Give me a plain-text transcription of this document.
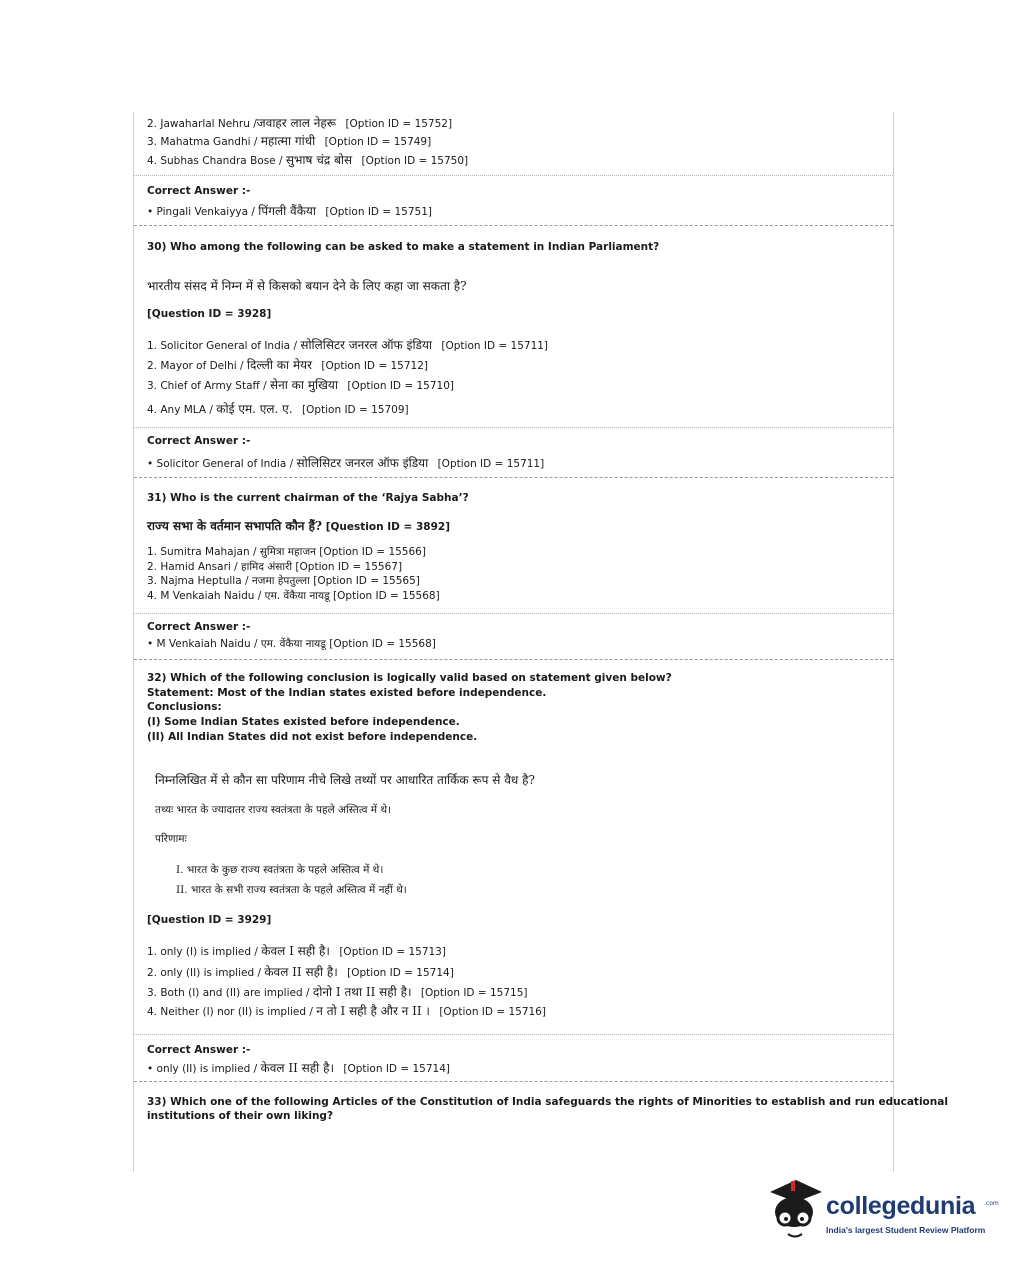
2. Jawaharlal Nehru /जवाहर लाल नेहरू [Option ID = 15752]
3. Mahatma Gandhi / महात्मा गांधी [Option ID = 15749]
4. Subhas Chandra Bose / सुभाष चंद्र बोस [Option ID = 15750]
Correct Answer :-
• Pingali Venkaiyya / पिंगली वैंकैया [Option ID = 15751]
30) Who among the following can be asked to make a statement in Indian Parliament?
भारतीय संसद में निम्न में से किसको बयान देने के लिए कहा जा सकता है?
[Question ID = 3928]
1. Solicitor General of India / सोलिसिटर जनरल ऑफ इंडिया [Option ID = 15711]
2. Mayor of Delhi / दिल्ली का मेयर [Option ID = 15712]
3. Chief of Army Staff / सेना का मुखिया [Option ID = 15710]
4. Any MLA / कोई एम. एल. ए. [Option ID = 15709]
Correct Answer :-
• Solicitor General of India / सोलिसिटर जनरल ऑफ इंडिया [Option ID = 15711]
31) Who is the current chairman of the ‘Rajya Sabha’?
राज्य सभा के वर्तमान सभापति कौन हैं? [Question ID = 3892]
1. Sumitra Mahajan / सुमित्रा महाजन [Option ID = 15566]
2. Hamid Ansari / हामिद अंसारी [Option ID = 15567]
3. Najma Heptulla / नजमा हेपतुल्ला [Option ID = 15565]
4. M Venkaiah Naidu / एम. वेंकैया नायडू [Option ID = 15568]
Correct Answer :-
• M Venkaiah Naidu / एम. वेंकैया नायडू [Option ID = 15568]
32) Which of the following conclusion is logically valid based on statement given below?
Statement: Most of the Indian states existed before independence.
Conclusions:
(I) Some Indian States existed before independence.
(II) All Indian States did not exist before independence.
निम्नलिखित में से कौन सा परिणाम नीचे लिखे तथ्यों पर आधारित तार्किक रूप से वैध है?
तथ्यः भारत के ज्यादातर राज्य स्वतंत्रता के पहले अस्तित्व में थे।
परिणामः
I. भारत के कुछ राज्य स्वतंत्रता के पहले अस्तित्व में थे।
II. भारत के सभी राज्य स्वतंत्रता के पहले अस्तित्व में नहीं थे।
[Question ID = 3929]
1. only (I) is implied / केवल I सही है। [Option ID = 15713]
2. only (II) is implied / केवल II सही है। [Option ID = 15714]
3. Both (I) and (II) are implied / दोनो I तथा II सही है। [Option ID = 15715]
4. Neither (I) nor (II) is implied / न तो I सही है और न II । [Option ID = 15716]
Correct Answer :-
• only (II) is implied / केवल II सही है। [Option ID = 15714]
33) Which one of the following Articles of the Constitution of India safeguards the rights of Minorities to establish and run educational
institutions of their own liking?
collegedunia .com
India's largest Student Review Platform
